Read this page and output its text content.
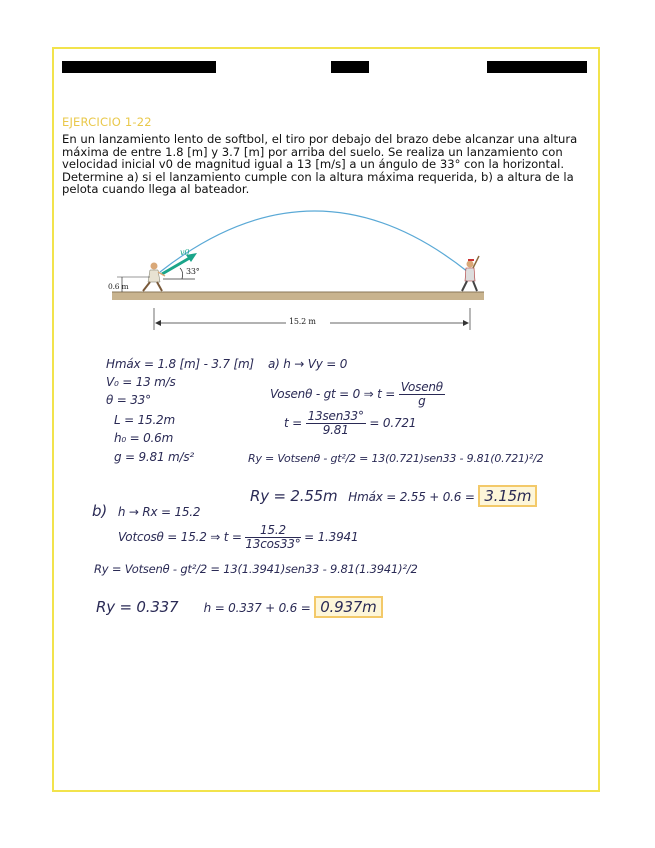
EJERCICIO 1-22
En un lanzamiento lento de softbol, el tiro por debajo del brazo debe alcanzar una altura máxima de entre 1.8 [m] y 3.7 [m] por arriba del suelo. Se realiza un lanzamiento con velocidad inicial v0 de magnitud igual a 13 [m/s] a un ángulo de 33° con la horizontal. Determine a) si el lanzamiento cumple con la altura máxima requerida, b) a altura de la pelota cuando llega al bateador.
v0
33°
0.6 m
15.2 m
Hmáx = 1.8 [m] - 3.7 [m]
V₀ = 13 m/s
θ = 33°
L = 15.2m
h₀ = 0.6m
g = 9.81 m/s²
a) h → Vy = 0
Vosenθ - gt = 0 ⇒ $t = \frac{\text{Vosenθ}}{g}$
$t = \frac{\text{13sen33°}}{9.81} = 0.721$
Ry = Votsenθ - gt²/2 = 13(0.721)sen33 - 9.81(0.721)²/2
Ry = 2.55m Hmáx = 2.55 + 0.6 = 3.15m
b) h → Rx = 15.2
Votcosθ = 15.2 ⇒ $t = \frac{15.2}{13\cos 33^\circ} = 1.3941$
Ry = Votsenθ - gt²/2 = 13(1.3941)sen33 - 9.81(1.3941)²/2
Ry = 0.337 h = 0.337 + 0.6 = 0.937m
